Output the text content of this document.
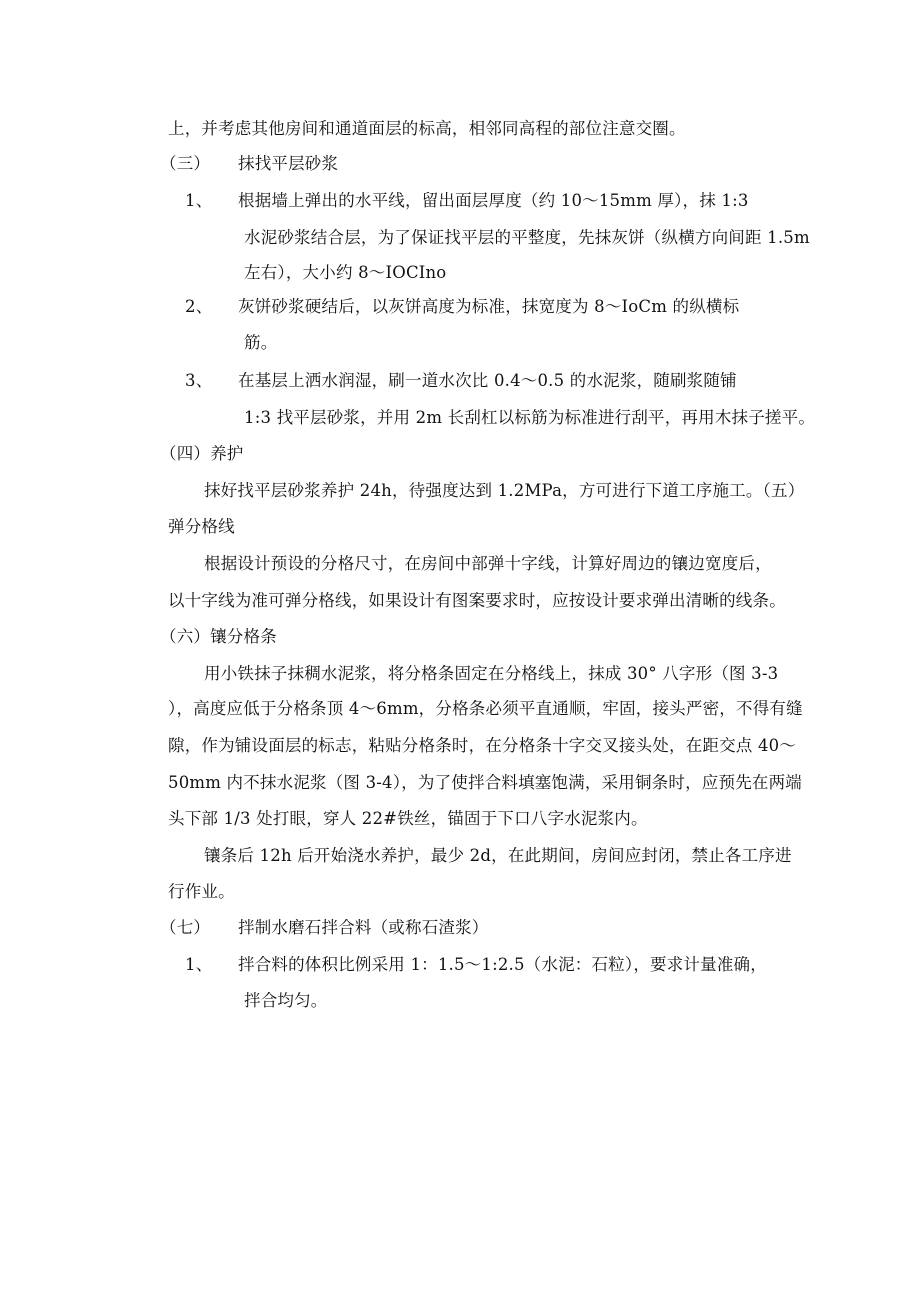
上，并考虑其他房间和通道面层的标高，相邻同高程的部位注意交圈。
（三） 抹找平层砂浆
1、 根据墙上弹出的水平线，留出面层厚度（约 10～15mm 厚），抹 1:3
水泥砂浆结合层，为了保证找平层的平整度，先抹灰饼（纵横方向间距 1.5m
左右），大小约 8～IOCIno
2、 灰饼砂浆硬结后，以灰饼高度为标准，抹宽度为 8～IoCm 的纵横标
筋。
3、 在基层上洒水润湿，刷一道水次比 0.4～0.5 的水泥浆，随刷浆随铺
1:3 找平层砂浆，并用 2m 长刮杠以标筋为标准进行刮平，再用木抹子搓平。
（四）养护
抹好找平层砂浆养护 24h，待强度达到 1.2MPa，方可进行下道工序施工。（五）
弹分格线
根据设计预设的分格尺寸，在房间中部弹十字线，计算好周边的镶边宽度后，
以十字线为准可弹分格线，如果设计有图案要求时，应按设计要求弹出清晰的线条。
（六）镶分格条
用小铁抹子抹稠水泥浆，将分格条固定在分格线上，抹成 30° 八字形（图 3-3
），高度应低于分格条顶 4～6mm，分格条必须平直通顺，牢固，接头严密，不得有缝
隙，作为铺设面层的标志，粘贴分格条时，在分格条十字交叉接头处，在距交点 40～
50mm 内不抹水泥浆（图 3-4），为了使拌合料填塞饱满，采用铜条时，应预先在两端
头下部 1/3 处打眼，穿人 22#铁丝，锚固于下口八字水泥浆内。
镶条后 12h 后开始浇水养护，最少 2d，在此期间，房间应封闭，禁止各工序进
行作业。
（七） 拌制水磨石拌合料（或称石渣浆）
1、 拌合料的体积比例采用 1：1.5～1:2.5（水泥：石粒），要求计量准确，
拌合均匀。
